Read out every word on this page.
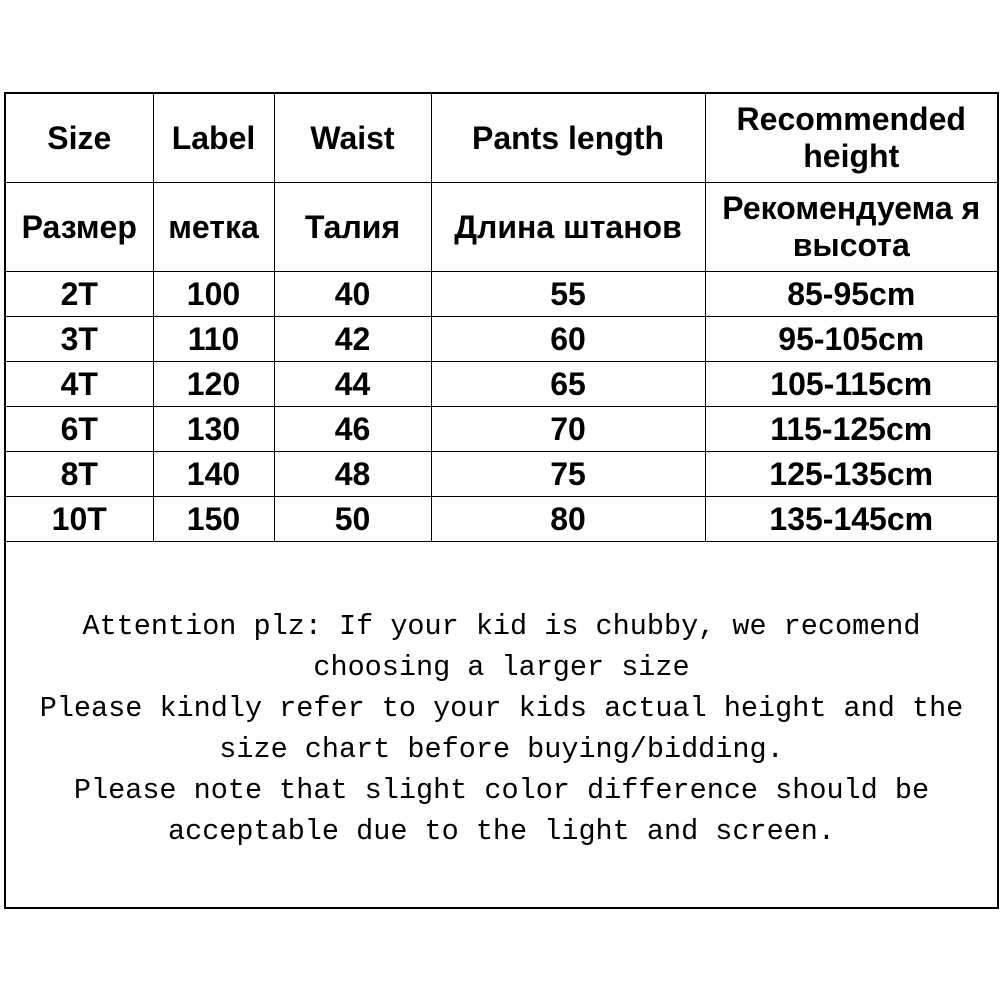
Size	Label	Waist	Pants length	Recommended height
Размер	метка	Талия	Длина штанов	Рекомендуема я высота
2T	100	40	55	85-95cm
3T	110	42	60	95-105cm
4T	120	44	65	105-115cm
6T	130	46	70	115-125cm
8T	140	48	75	125-135cm
10T	150	50	80	135-145cm

Attention plz: If your kid is chubby, we recomend choosing a larger size

Please kindly refer to your kids actual height and the size chart before buying/bidding.

Please note that slight color difference should be acceptable due to the light and screen.
